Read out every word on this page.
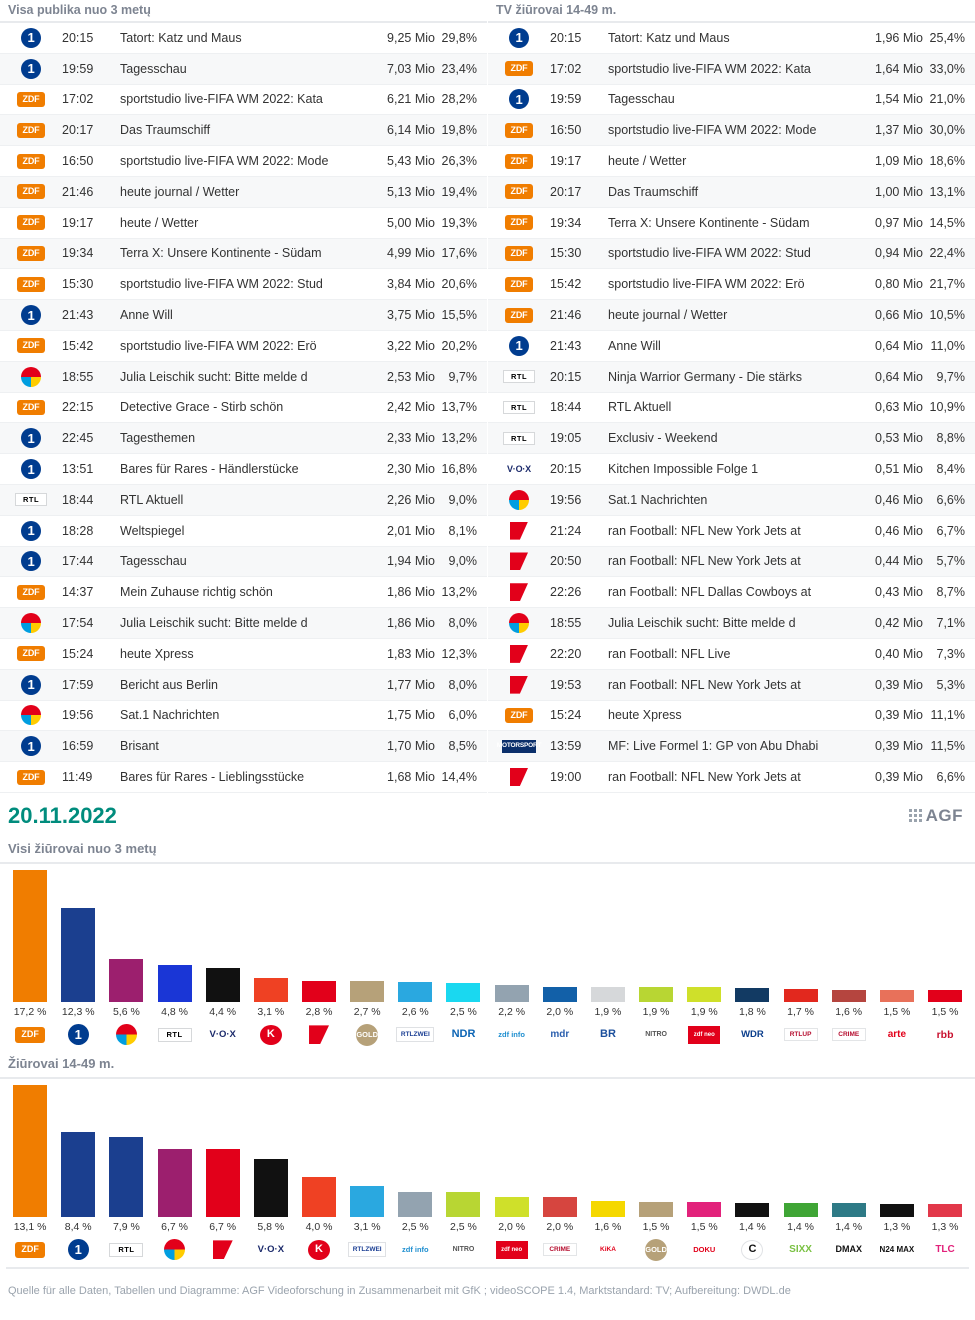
Visa publika nuo 3 metų
1	20:15	Tatort: Katz und Maus	9,25 Mio 29,8%
1	19:59	Tagesschau	7,03 Mio 23,4%
ZDF	17:02	sportstudio live-FIFA WM 2022: Kata	6,21 Mio 28,2%
ZDF	20:17	Das Traumschiff	6,14 Mio 19,8%
ZDF	16:50	sportstudio live-FIFA WM 2022: Mode	5,43 Mio 26,3%
ZDF	21:46	heute journal / Wetter	5,13 Mio 19,4%
ZDF	19:17	heute / Wetter	5,00 Mio 19,3%
ZDF	19:34	Terra X: Unsere Kontinente - Südam	4,99 Mio 17,6%
ZDF	15:30	sportstudio live-FIFA WM 2022: Stud	3,84 Mio 20,6%
1	21:43	Anne Will	3,75 Mio 15,5%
ZDF	15:42	sportstudio live-FIFA WM 2022: Erö	3,22 Mio 20,2%
18:55	Julia Leischik sucht: Bitte melde d	2,53 Mio	9,7%
ZDF	22:15	Detective Grace - Stirb schön	2,42 Mio 13,7%
1	22:45	Tagesthemen	2,33 Mio 13,2%
1	13:51	Bares für Rares - Händlerstücke	2,30 Mio 16,8%
RTL	18:44	RTL Aktuell	2,26 Mio	9,0%
1	18:28	Weltspiegel	2,01 Mio	8,1%
1	17:44	Tagesschau	1,94 Mio	9,0%
ZDF	14:37	Mein Zuhause richtig schön	1,86 Mio 13,2%
17:54	Julia Leischik sucht: Bitte melde d	1,86 Mio	8,0%
ZDF	15:24	heute Xpress	1,83 Mio 12,3%
1	17:59	Bericht aus Berlin	1,77 Mio	8,0%
19:56	Sat.1 Nachrichten	1,75 Mio	6,0%
1	16:59	Brisant	1,70 Mio	8,5%
ZDF	11:49	Bares für Rares - Lieblingsstücke	1,68 Mio 14,4%
TV žiūrovai 14-49 m.
1	20:15	Tatort: Katz und Maus	1,96 Mio 25,4%
ZDF	17:02	sportstudio live-FIFA WM 2022: Kata	1,64 Mio 33,0%
1	19:59	Tagesschau	1,54 Mio 21,0%
ZDF	16:50	sportstudio live-FIFA WM 2022: Mode	1,37 Mio 30,0%
ZDF	19:17	heute / Wetter	1,09 Mio 18,6%
ZDF	20:17	Das Traumschiff	1,00 Mio 13,1%
ZDF	19:34	Terra X: Unsere Kontinente - Südam	0,97 Mio 14,5%
ZDF	15:30	sportstudio live-FIFA WM 2022: Stud	0,94 Mio 22,4%
ZDF	15:42	sportstudio live-FIFA WM 2022: Erö	0,80 Mio 21,7%
ZDF	21:46	heute journal / Wetter	0,66 Mio 10,5%
1	21:43	Anne Will	0,64 Mio 11,0%
RTL	20:15	Ninja Warrior Germany - Die stärks	0,64 Mio	9,7%
RTL	18:44	RTL Aktuell	0,63 Mio 10,9%
RTL	19:05	Exclusiv - Weekend	0,53 Mio	8,8%
V·O·X 20:15	Kitchen Impossible Folge 1	0,51 Mio	8,4%
19:56	Sat.1 Nachrichten	0,46 Mio	6,6%
21:24	ran Football: NFL New York Jets at	0,46 Mio	6,7%
20:50	ran Football: NFL New York Jets at	0,44 Mio	5,7%
22:26	ran Football: NFL Dallas Cowboys at	0,43 Mio	8,7%
18:55	Julia Leischik sucht: Bitte melde d	0,42 Mio	7,1%
22:20	ran Football: NFL Live	0,40 Mio	7,3%
19:53	ran Football: NFL New York Jets at	0,39 Mio	5,3%
ZDF	15:24	heute Xpress	0,39 Mio 11,1%
MOTORSPORT 13:59	MF: Live Formel 1: GP von Abu Dhabi	0,39 Mio 11,5%
19:00	ran Football: NFL New York Jets at	0,39 Mio	6,6%
20.11.2022	AGF
Visi žiūrovai nuo 3 metų
17,2 %	12,3 %	5,6 %	4,8 %	4,4 %	3,1 %	2,8 %	2,7 %	2,6 %	2,5 %	2,2 %	2,0 %	1,9 %	1,9 %	1,9 %	1,8 %	1,7 %	1,6 %	1,5 %	1,5 %
ZDF	1	RTL	V·O·X	K	GOLD	RTLZWEI	NDR	zdf info	mdr	BR	NITRO	zdf neo	WDR	RTLUP	CRIME	arte	rbb
Žiūrovai 14-49 m.
13,1 %	8,4 %	7,9 %	6,7 %	6,7 %	5,8 %	4,0 %	3,1 %	2,5 %	2,5 %	2,0 %	2,0 %	1,6 %	1,5 %	1,5 %	1,4 %	1,4 %	1,4 %	1,3 %	1,3 %
ZDF	1	RTL	V·O·X	K	RTLZWEI	zdf info	NITRO	zdf neo	CRIME	KiKA	GOLD	DOKU	C	SIXX	DMAX	N24 MAX	TLC
Quelle für alle Daten, Tabellen und Diagramme: AGF Videoforschung in Zusammenarbeit mit GfK ; videoSCOPE 1.4, Marktstandard: TV; Aufbereitung: DWDL.de
